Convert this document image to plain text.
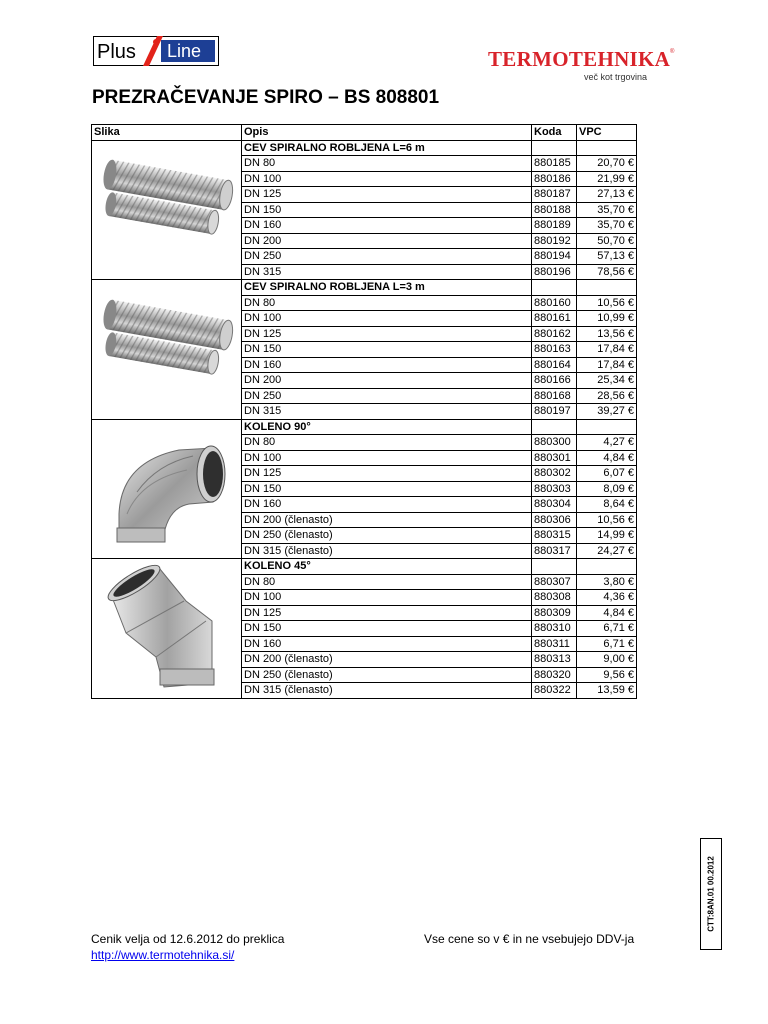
Plus Line	TERMOTEHNIKA ®
več kot trgovina
PREZRAČEVANJE SPIRO – BS 808801
Slika	Opis	Koda	VPC
	CEV SPIRALNO ROBLJENA L=6 m		
	DN 80	880185	20,70 €
	DN 100	880186	21,99 €
	DN 125	880187	27,13 €
	DN 150	880188	35,70 €
	DN 160	880189	35,70 €
	DN 200	880192	50,70 €
	DN 250	880194	57,13 €
	DN 315	880196	78,56 €
	CEV SPIRALNO ROBLJENA L=3 m		
	DN 80	880160	10,56 €
	DN 100	880161	10,99 €
	DN 125	880162	13,56 €
	DN 150	880163	17,84 €
	DN 160	880164	17,84 €
	DN 200	880166	25,34 €
	DN 250	880168	28,56 €
	DN 315	880197	39,27 €
	KOLENO 90°		
	DN 80	880300	4,27 €
	DN 100	880301	4,84 €
	DN 125	880302	6,07 €
	DN 150	880303	8,09 €
	DN 160	880304	8,64 €
	DN 200 (členasto)	880306	10,56 €
	DN 250 (členasto)	880315	14,99 €
	DN 315 (členasto)	880317	24,27 €
	KOLENO 45°		
	DN 80	880307	3,80 €
	DN 100	880308	4,36 €
	DN 125	880309	4,84 €
	DN 150	880310	6,71 €
	DN 160	880311	6,71 €
	DN 200 (členasto)	880313	9,00 €
	DN 250 (členasto)	880320	9,56 €
	DN 315 (členasto)	880322	13,59 €
Cenik velja od 12.6.2012 do preklica	Vse cene so v € in ne vsebujejo DDV-ja
http://www.termotehnika.si/
CTT:8AN.01 00.2012
